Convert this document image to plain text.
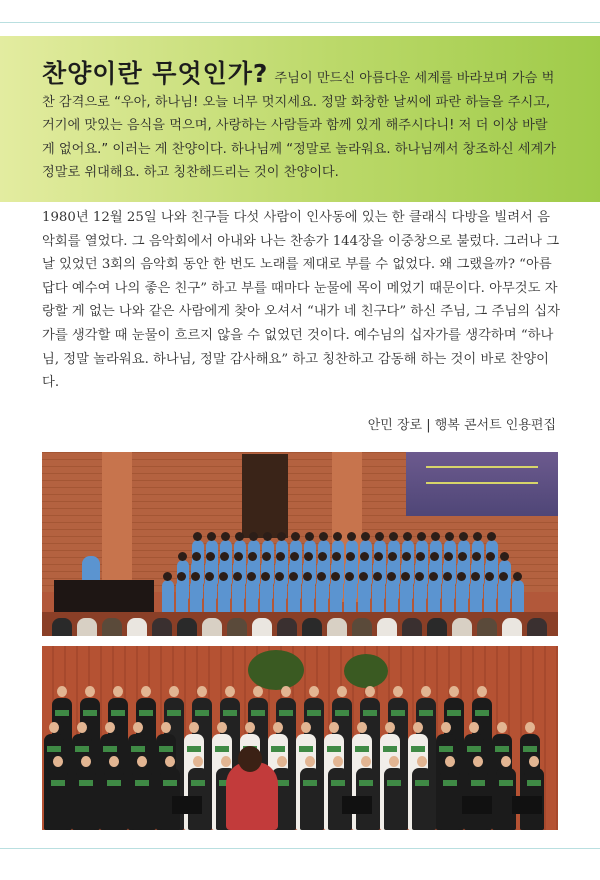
찬양이란 무엇인가? 주님이 만드신 아름다운 세계를 바라보며 가슴 벅찬 감격으로 “우아, 하나님! 오늘 너무 멋지세요. 정말 화창한 날씨에 파란 하늘을 주시고, 거기에 맛있는 음식을 먹으며, 사랑하는 사람들과 함께 있게 해주시다니! 저 더 이상 바랄 게 없어요.” 이러는 게 찬양이다. 하나님께 “정말로 놀라워요. 하나님께서 창조하신 세계가 정말로 위대해요. 하고 칭찬해드리는 것이 찬양이다.

1980년 12월 25일 나와 친구들 다섯 사람이 인사동에 있는 한 클래식 다방을 빌려서 음악회를 열었다. 그 음악회에서 아내와 나는 찬송가 144장을 이중창으로 불렀다. 그러나 그날 있었던 3회의 음악회 동안 한 번도 노래를 제대로 부를 수 없었다. 왜 그랬을까? “아름답다 예수여 나의 좋은 친구” 하고 부를 때마다 눈물에 목이 메었기 때문이다. 아무것도 자랑할 게 없는 나와 같은 사람에게 찾아 오셔서 “내가 네 친구다” 하신 주님, 그 주님의 십자가를 생각할 때 눈물이 흐르지 않을 수 없었던 것이다. 예수님의 십자가를 생각하며 “하나님, 정말 놀라워요. 하나님, 정말 감사해요” 하고 칭찬하고 감동해 하는 것이 바로 찬양이다.

안민 장로 | 행복 콘서트 인용편집
